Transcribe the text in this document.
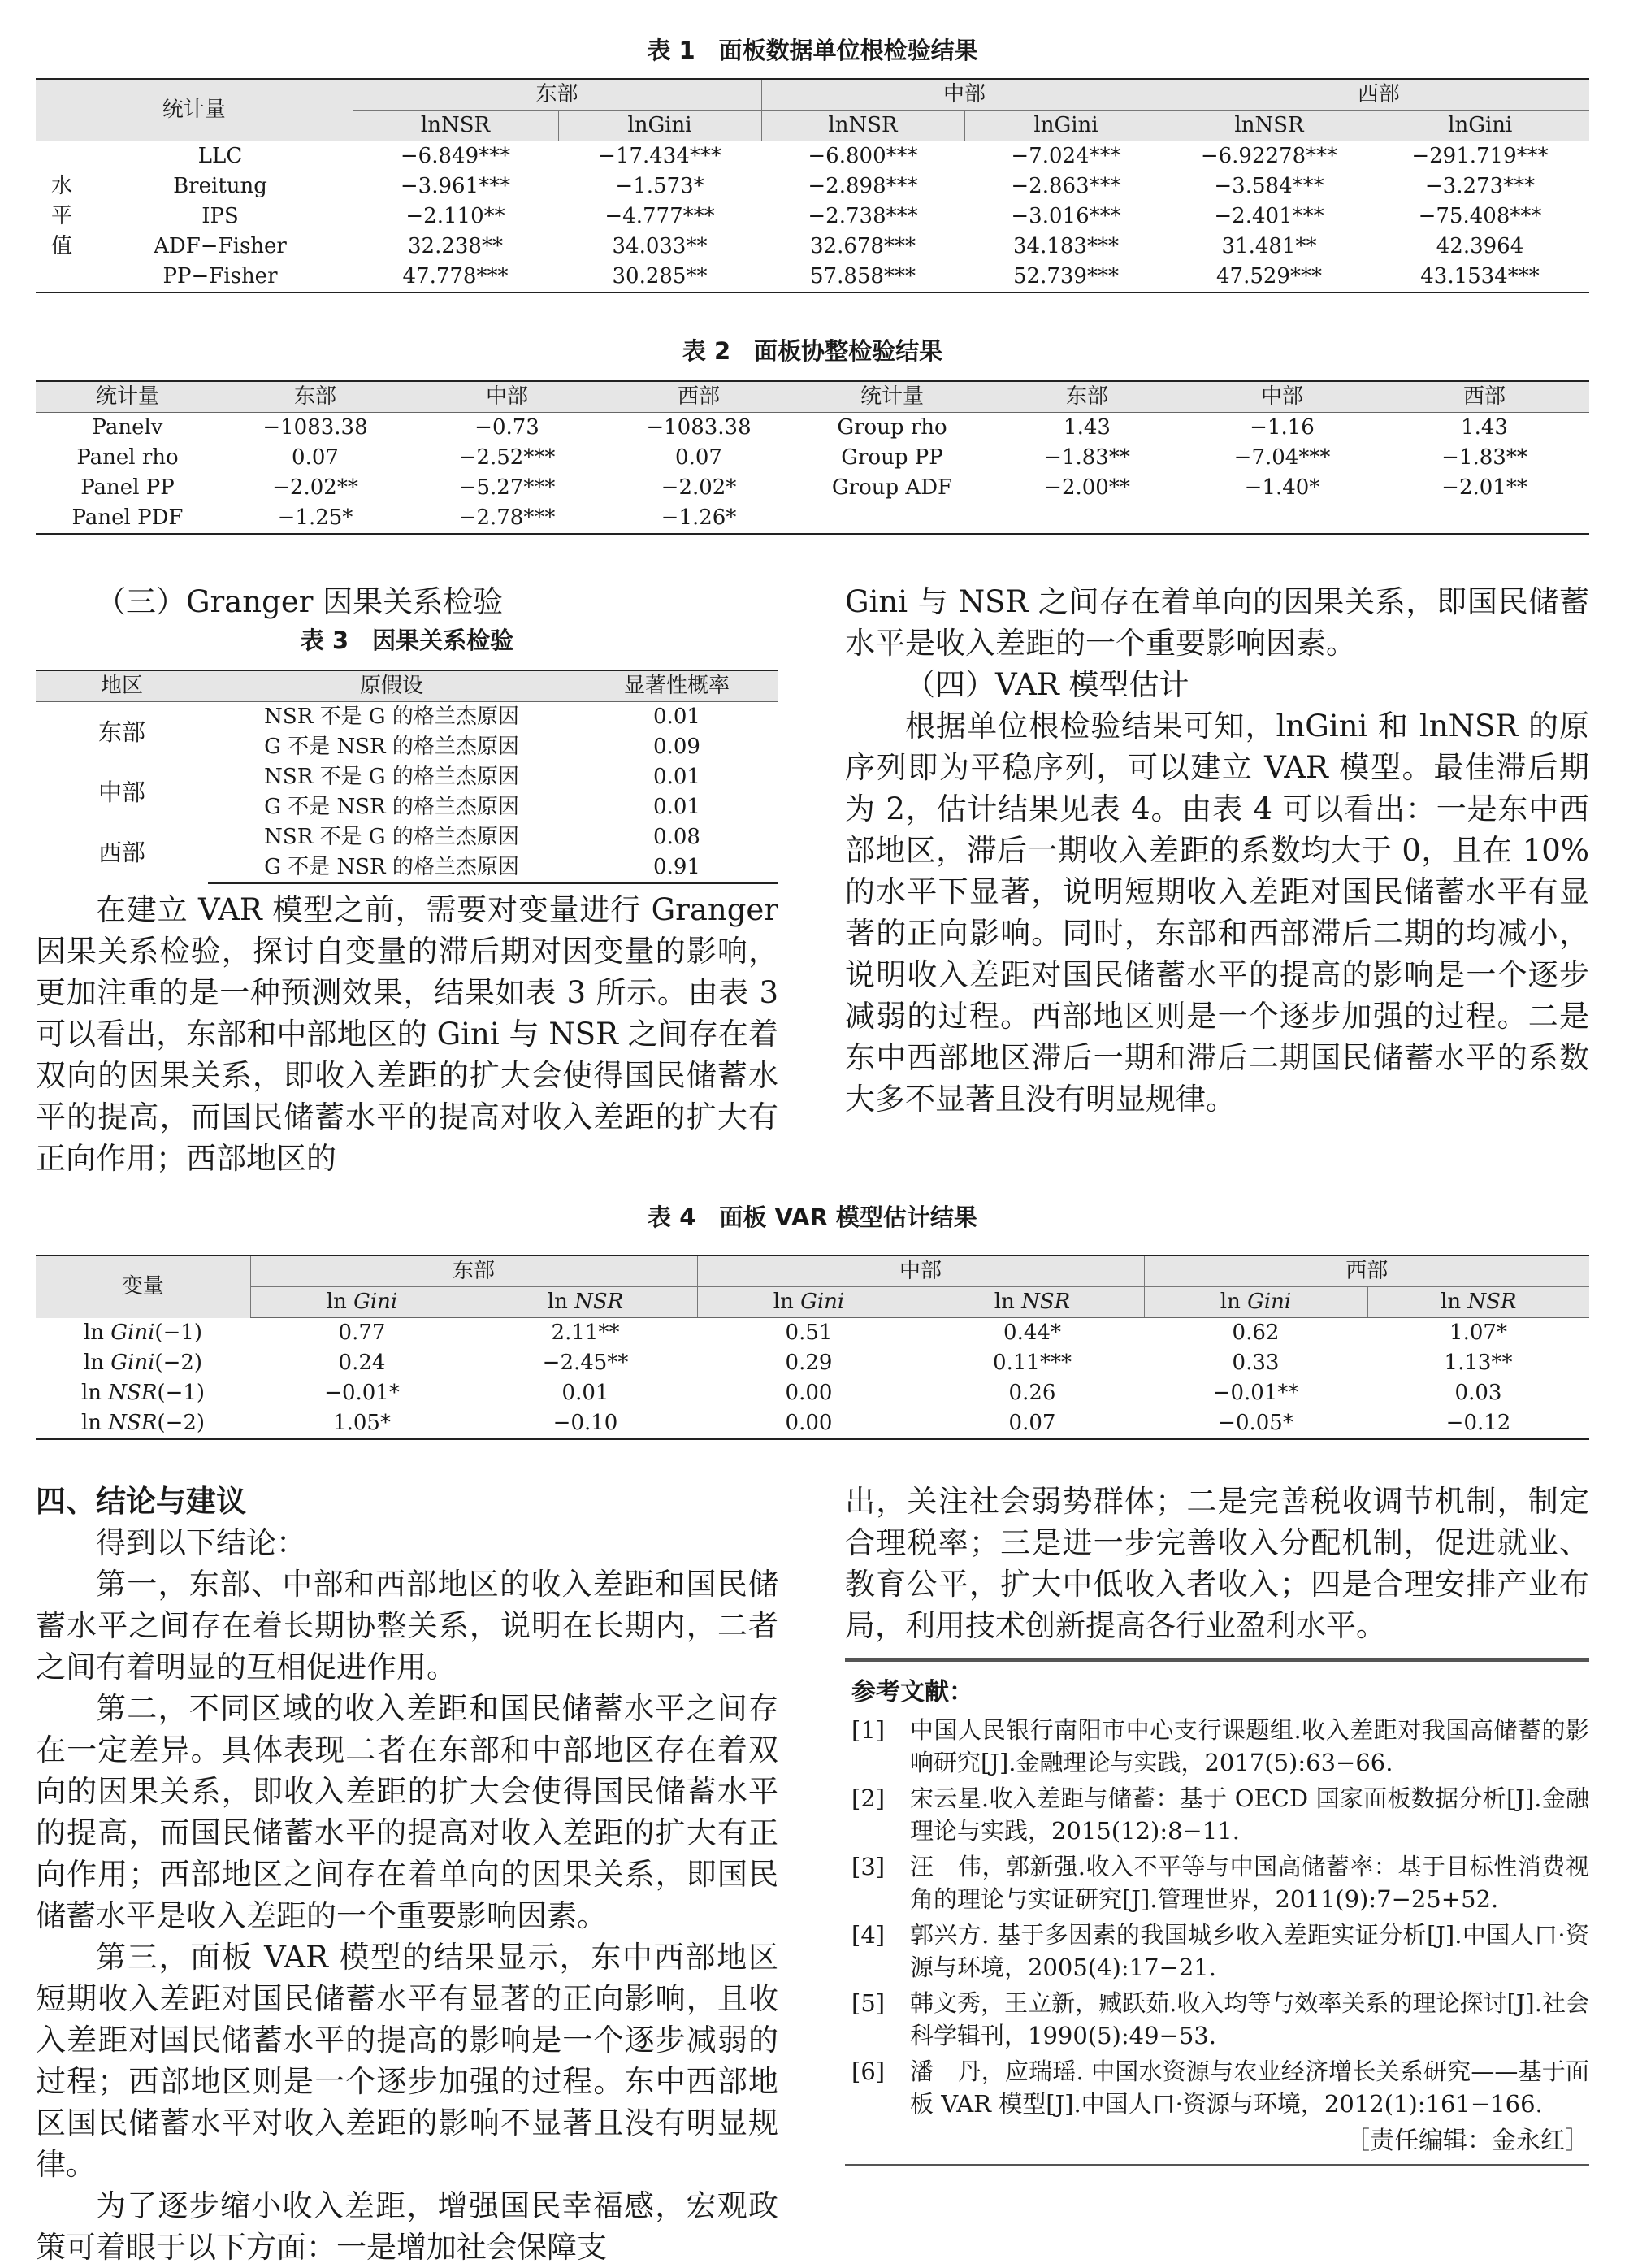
表 1　面板数据单位根检验结果
统计量		东部		中部		西部	
		lnNSR	lnGini	lnNSR	lnGini	lnNSR	lnGini
	LLC	−6.849***	−17.434***	−6.800***	−7.024***	−6.92278***	−291.719***
水	Breitung	−3.961***	−1.573*	−2.898***	−2.863***	−3.584***	−3.273***
平	IPS	−2.110**	−4.777***	−2.738***	−3.016***	−2.401***	−75.408***
值	ADF−Fisher	32.238**	34.033**	32.678***	34.183***	31.481**	42.3964
	PP−Fisher	47.778***	30.285**	57.858***	52.739***	47.529***	43.1534***
表 2　面板协整检验结果
统计量	东部	中部	西部	统计量	东部	中部	西部
Panelv	−1083.38	−0.73	−1083.38	Group rho	1.43	−1.16	1.43
Panel rho	0.07	−2.52***	0.07	Group PP	−1.83**	−7.04***	−1.83**
Panel PP	−2.02**	−5.27***	−2.02*	Group ADF	−2.00**	−1.40*	−2.01**
Panel PDF	−1.25*	−2.78***	−1.26*				
（三）Granger 因果关系检验
表 3　因果关系检验
地区	原假设	显著性概率
东部	NSR 不是 G 的格兰杰原因	0.01
	G 不是 NSR 的格兰杰原因	0.09
中部	NSR 不是 G 的格兰杰原因	0.01
	G 不是 NSR 的格兰杰原因	0.01
西部	NSR 不是 G 的格兰杰原因	0.08
	G 不是 NSR 的格兰杰原因	0.91

在建立 VAR 模型之前，需要对变量进行 Granger 因果关系检验，探讨自变量的滞后期对因变量的影响，更加注重的是一种预测效果，结果如表 3 所示。由表 3 可以看出，东部和中部地区的 Gini 与 NSR 之间存在着双向的因果关系，即收入差距的扩大会使得国民储蓄水平的提高，而国民储蓄水平的提高对收入差距的扩大有正向作用；西部地区的

Gini 与 NSR 之间存在着单向的因果关系，即国民储蓄水平是收入差距的一个重要影响因素。

（四）VAR 模型估计

根据单位根检验结果可知，lnGini 和 lnNSR 的原序列即为平稳序列，可以建立 VAR 模型。最佳滞后期为 2，估计结果见表 4。由表 4 可以看出：一是东中西部地区，滞后一期收入差距的系数均大于 0，且在 10%的水平下显著，说明短期收入差距对国民储蓄水平有显著的正向影响。同时，东部和西部滞后二期的均减小，说明收入差距对国民储蓄水平的提高的影响是一个逐步减弱的过程。西部地区则是一个逐步加强的过程。二是东中西部地区滞后一期和滞后二期国民储蓄水平的系数大多不显著且没有明显规律。

表 4　面板 VAR 模型估计结果
变量	东部		中部		西部	
	ln Gini	ln NSR	ln Gini	ln NSR	ln Gini	ln NSR
ln Gini(−1)	0.77	2.11**	0.51	0.44*	0.62	1.07*
ln Gini(−2)	0.24	−2.45**	0.29	0.11***	0.33	1.13**
ln NSR(−1)	−0.01*	0.01	0.00	0.26	−0.01**	0.03
ln NSR(−2)	1.05*	−0.10	0.00	0.07	−0.05*	−0.12
四、结论与建议

得到以下结论：

第一，东部、中部和西部地区的收入差距和国民储蓄水平之间存在着长期协整关系，说明在长期内，二者之间有着明显的互相促进作用。

第二，不同区域的收入差距和国民储蓄水平之间存在一定差异。具体表现二者在东部和中部地区存在着双向的因果关系，即收入差距的扩大会使得国民储蓄水平的提高，而国民储蓄水平的提高对收入差距的扩大有正向作用；西部地区之间存在着单向的因果关系，即国民储蓄水平是收入差距的一个重要影响因素。

第三，面板 VAR 模型的结果显示，东中西部地区短期收入差距对国民储蓄水平有显著的正向影响，且收入差距对国民储蓄水平的提高的影响是一个逐步减弱的过程；西部地区则是一个逐步加强的过程。东中西部地区国民储蓄水平对收入差距的影响不显著且没有明显规律。

为了逐步缩小收入差距，增强国民幸福感，宏观政策可着眼于以下方面：一是增加社会保障支

出，关注社会弱势群体；二是完善税收调节机制，制定合理税率；三是进一步完善收入分配机制，促进就业、教育公平，扩大中低收入者收入；四是合理安排产业布局，利用技术创新提高各行业盈利水平。

参考文献：
[1]	中国人民银行南阳市中心支行课题组.收入差距对我国高储蓄的影响研究[J].金融理论与实践，2017(5):63−66.
[2]	宋云星.收入差距与储蓄：基于 OECD 国家面板数据分析[J].金融理论与实践，2015(12):8−11.
[3]	汪　伟，郭新强.收入不平等与中国高储蓄率：基于目标性消费视角的理论与实证研究[J].管理世界，2011(9):7−25+52.
[4]	郭兴方. 基于多因素的我国城乡收入差距实证分析[J].中国人口·资源与环境，2005(4):17−21.
[5]	韩文秀，王立新，臧跃茹.收入均等与效率关系的理论探讨[J].社会科学辑刊，1990(5):49−53.
[6]	潘　丹，应瑞瑶. 中国水资源与农业经济增长关系研究——基于面板 VAR 模型[J].中国人口·资源与环境，2012(1):161−166.
［责任编辑：金永红］
